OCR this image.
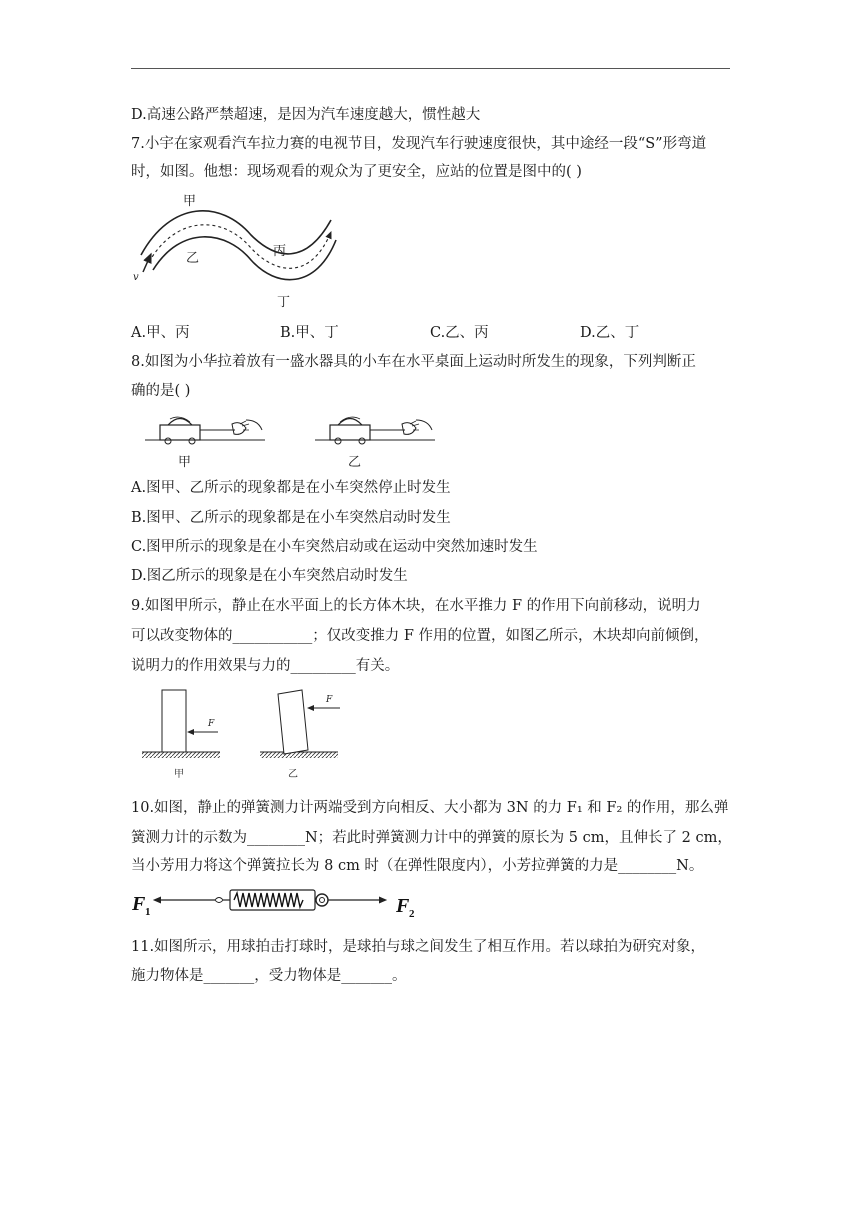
D.高速公路严禁超速，是因为汽车速度越大，惯性越大
7.小宇在家观看汽车拉力赛的电视节目，发现汽车行驶速度很快，其中途经一段“S”形弯道
时，如图。他想：现场观看的观众为了更安全，应站的位置是图中的( )
甲
乙	丙
丁
v
A.甲、丙	B.甲、丁	C.乙、丙	D.乙、丁
8.如图为小华拉着放有一盛水器具的小车在水平桌面上运动时所发生的现象，下列判断正
确的是( )
甲	乙
A.图甲、乙所示的现象都是在小车突然停止时发生
B.图甲、乙所示的现象都是在小车突然启动时发生
C.图甲所示的现象是在小车突然启动或在运动中突然加速时发生
D.图乙所示的现象是在小车突然启动时发生
9.如图甲所示，静止在水平面上的长方体木块，在水平推力 F 的作用下向前移动，说明力
可以改变物体的___________；仅改变推力 F 作用的位置，如图乙所示，木块却向前倾倒，
说明力的作用效果与力的_________有关。
F
甲
F
乙
10.如图，静止的弹簧测力计两端受到方向相反、大小都为 3N 的力 F₁ 和 F₂ 的作用，那么弹
簧测力计的示数为________N；若此时弹簧测力计中的弹簧的原长为 5 cm，且伸长了 2 cm，
当小芳用力将这个弹簧拉长为 8 cm 时（在弹性限度内），小芳拉弹簧的力是________N。
F 1	F 2
11.如图所示，用球拍击打球时，是球拍与球之间发生了相互作用。若以球拍为研究对象，
施力物体是_______，受力物体是_______。
